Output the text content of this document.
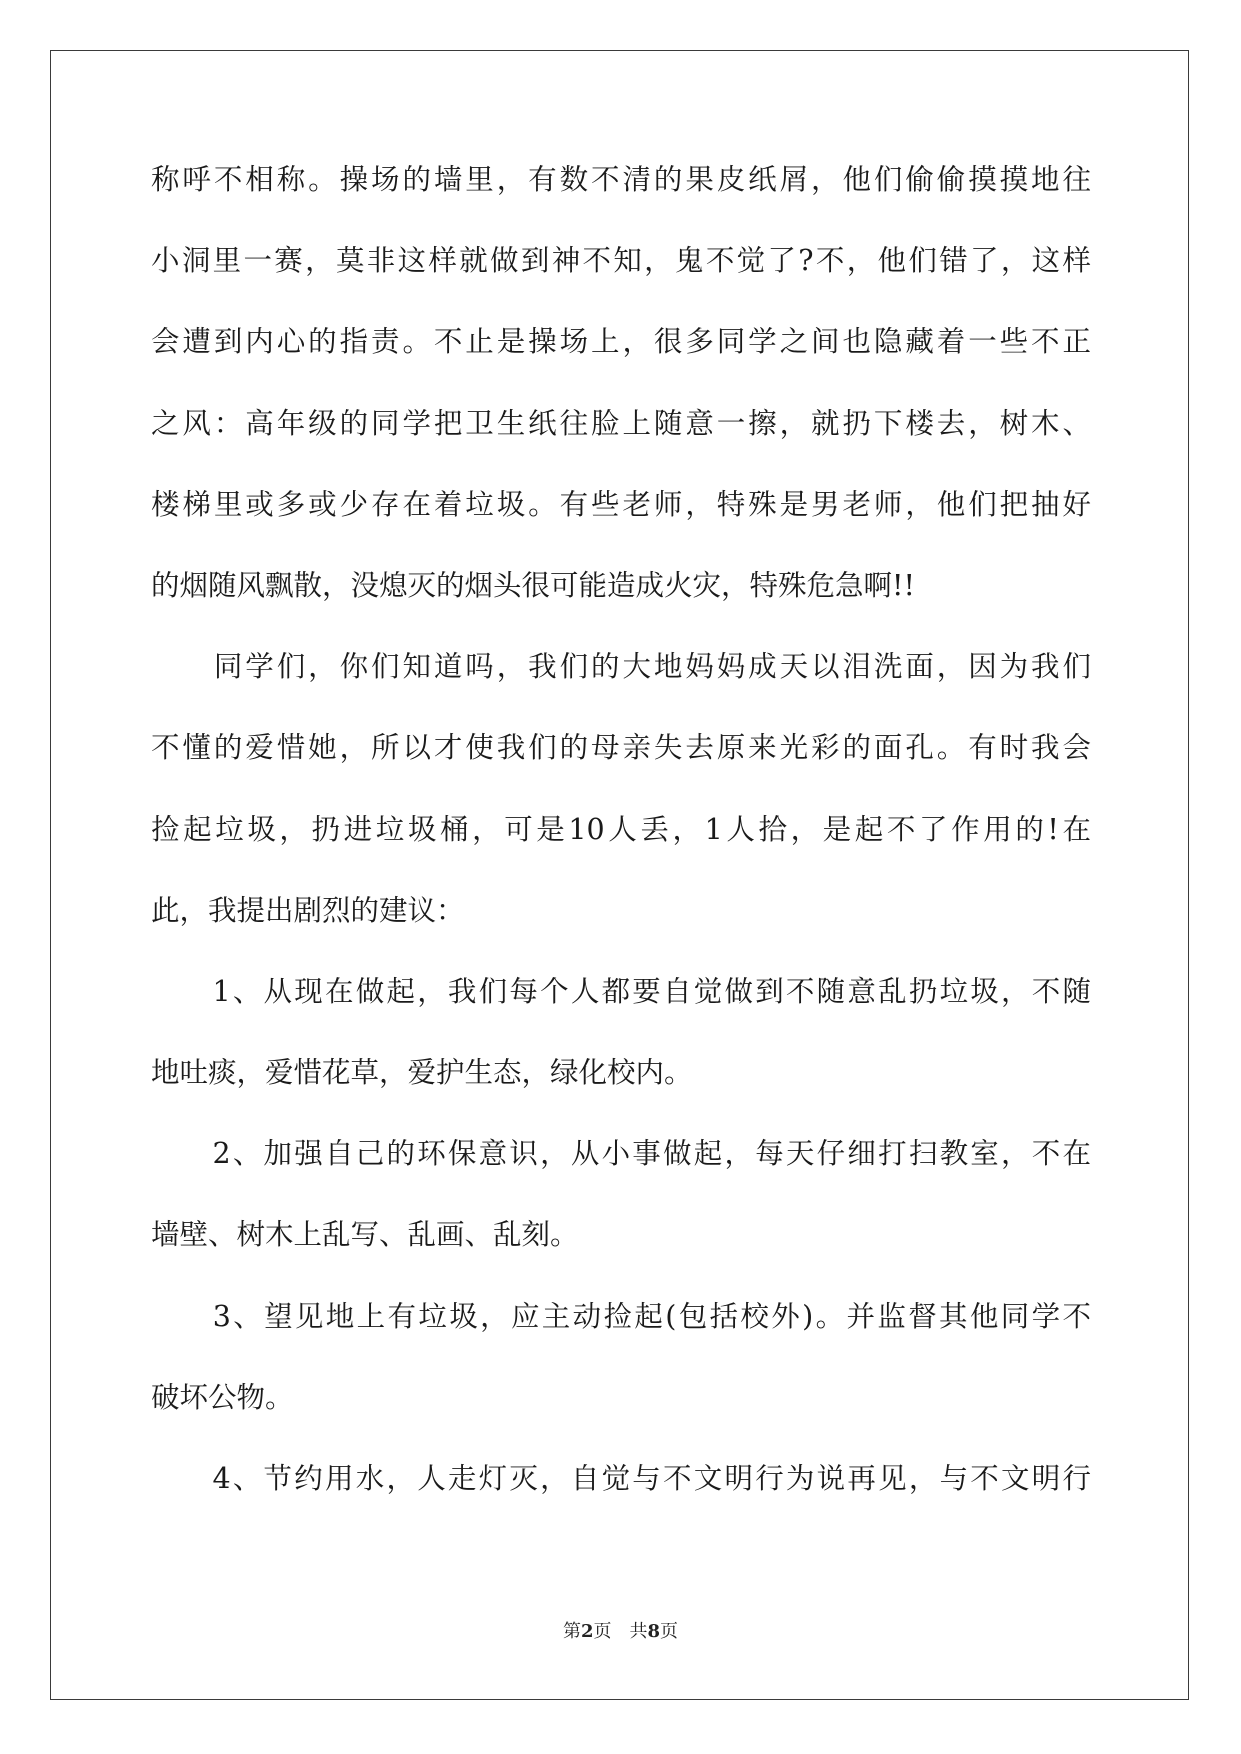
称呼不相称。操场的墙里，有数不清的果皮纸屑，他们偷偷摸摸地往
小洞里一赛，莫非这样就做到神不知，鬼不觉了?不，他们错了，这样
会遭到内心的指责。不止是操场上，很多同学之间也隐藏着一些不正
之风：高年级的同学把卫生纸往脸上随意一擦，就扔下楼去，树木、
楼梯里或多或少存在着垃圾。有些老师，特殊是男老师，他们把抽好
的烟随风飘散，没熄灭的烟头很可能造成火灾，特殊危急啊!!
　　同学们，你们知道吗，我们的大地妈妈成天以泪洗面，因为我们
不懂的爱惜她，所以才使我们的母亲失去原来光彩的面孔。有时我会
捡起垃圾，扔进垃圾桶，可是10人丢，1人拾，是起不了作用的!在
此，我提出剧烈的建议：
　　1、从现在做起，我们每个人都要自觉做到不随意乱扔垃圾，不随
地吐痰，爱惜花草，爱护生态，绿化校内。
　　2、加强自己的环保意识，从小事做起，每天仔细打扫教室，不在
墙壁、树木上乱写、乱画、乱刻。
　　3、望见地上有垃圾，应主动捡起(包括校外)。并监督其他同学不
破坏公物。
　　4、节约用水，人走灯灭，自觉与不文明行为说再见，与不文明行
第2页 共8页
